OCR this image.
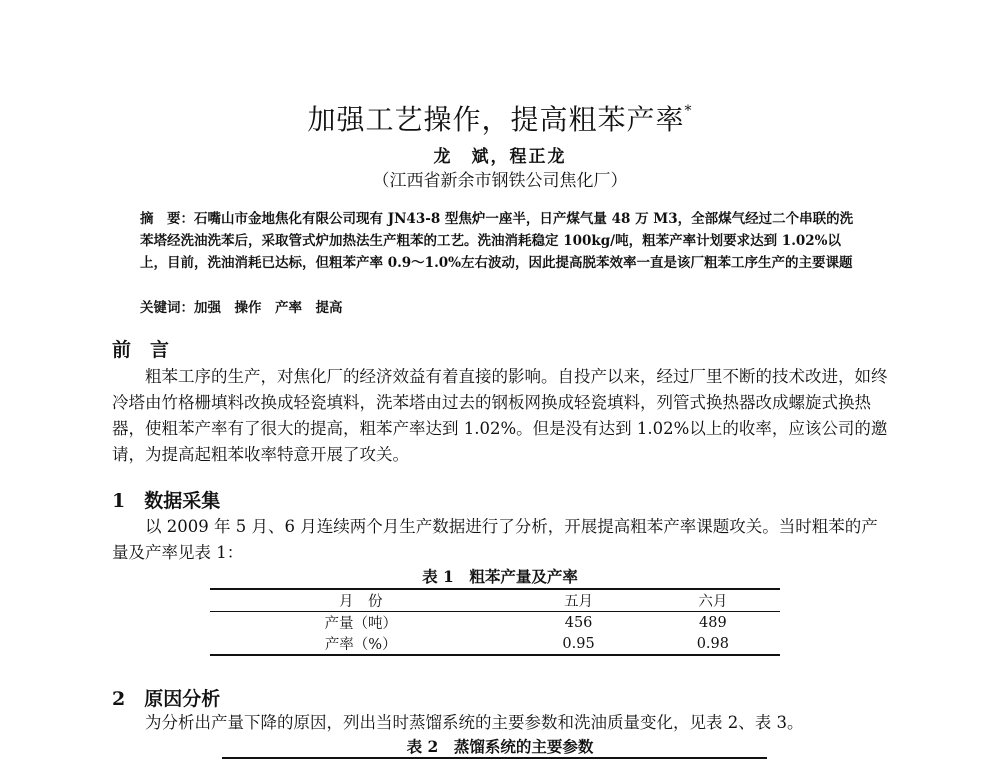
加强工艺操作，提高粗苯产率*
龙　斌，程正龙
（江西省新余市钢铁公司焦化厂）
摘　要：石嘴山市金地焦化有限公司现有 JN43-8 型焦炉一座半，日产煤气量 48 万 M3，全部煤气经过二个串联的洗苯塔经洗油洗苯后，采取管式炉加热法生产粗苯的工艺。洗油消耗稳定 100kg/吨，粗苯产率计划要求达到 1.02%以上，目前，洗油消耗已达标，但粗苯产率 0.9～1.0%左右波动，因此提高脱苯效率一直是该厂粗苯工序生产的主要课题
关键词：加强　操作　产率　提高
前　言

粗苯工序的生产，对焦化厂的经济效益有着直接的影响。自投产以来，经过厂里不断的技术改进，如终冷塔由竹格栅填料改换成轻瓷填料，洗苯塔由过去的钢板网换成轻瓷填料，列管式换热器改成螺旋式换热器，使粗苯产率有了很大的提高，粗苯产率达到 1.02%。但是没有达到 1.02%以上的收率，应该公司的邀请，为提高起粗苯收率特意开展了攻关。

1　数据采集

以 2009 年 5 月、6 月连续两个月生产数据进行了分析，开展提高粗苯产率课题攻关。当时粗苯的产量及产率见表 1：

表 1　粗苯产量及产率
月　份	五月	六月
产量（吨）	456	489
产率（%）	0.95	0.98
2　原因分析

为分析出产量下降的原因，列出当时蒸馏系统的主要参数和洗油质量变化，见表 2、表 3。

表 2　蒸馏系统的主要参数
